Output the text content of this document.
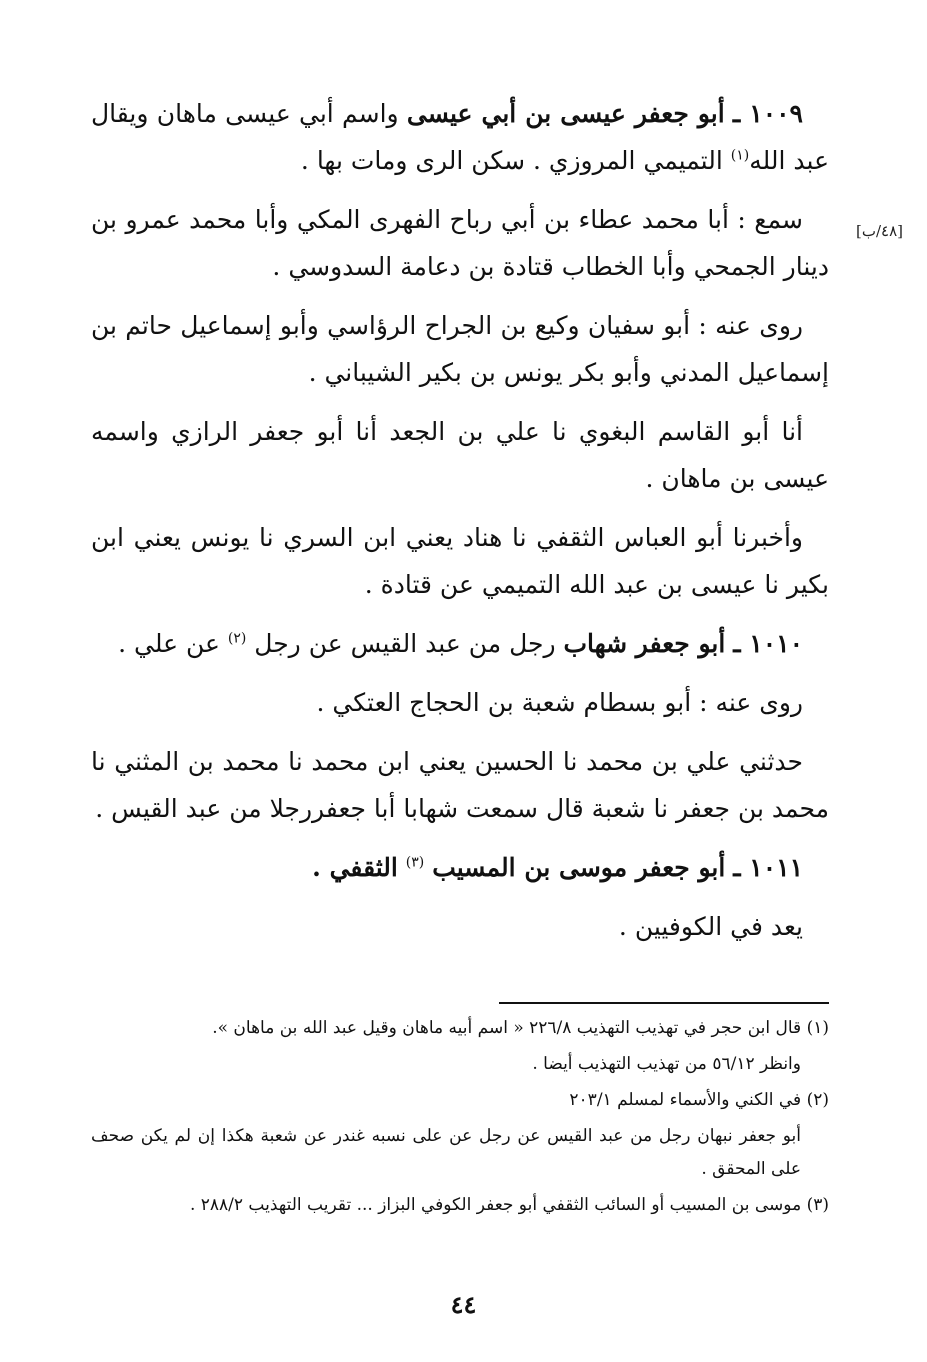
[٤٨/ب]

١٠٠٩ ـ أبو جعفر عيسى بن أبي عيسى واسم أبي عيسى ماهان ويقال عبد الله$^{(١)}$ التميمي المروزي . سكن الرى ومات بها .

سمع : أبا محمد عطاء بن أبي رباح الفهرى المكي وأبا محمد عمرو بن دينار الجمحي وأبا الخطاب قتادة بن دعامة السدوسي .

روى عنه : أبو سفيان وكيع بن الجراح الرؤاسي وأبو إسماعيل حاتم بن إسماعيل المدني وأبو بكر يونس بن بكير الشيباني .

أنا أبو القاسم البغوي نا علي بن الجعد أنا أبو جعفر الرازي واسمه عيسى بن ماهان .

وأخبرنا أبو العباس الثقفي نا هناد يعني ابن السري نا يونس يعني ابن بكير نا عيسى بن عبد الله التميمي عن قتادة .

١٠١٠ ـ أبو جعفر شهاب رجل من عبد القيس عن رجل $^{(٢)}$ عن علي .

روى عنه : أبو بسطام شعبة بن الحجاج العتكي .

حدثني علي بن محمد نا الحسين يعني ابن محمد نا محمد بن المثني نا محمد بن جعفر نا شعبة قال سمعت شهابا أبا جعفررجلا من عبد القيس .

١٠١١ ـ أبو جعفر موسى بن المسيب $^{(٣)}$ الثقفي .

يعد في الكوفيين .

(١) قال ابن حجر في تهذيب التهذيب ٢٢٦/٨ « اسم أبيه ماهان وقيل عبد الله بن ماهان ».

وانظر ٥٦/١٢ من تهذيب التهذيب أيضا .

(٢) في الكني والأسماء لمسلم ٢٠٣/١

أبو جعفر نبهان رجل من عبد القيس عن رجل عن على نسبه غندر عن شعبة هكذا إن لم يكن صحف على المحقق .

(٣) موسى بن المسيب أو السائب الثقفي أبو جعفر الكوفي البزاز ... تقريب التهذيب ٢٨٨/٢ .

٤٤
